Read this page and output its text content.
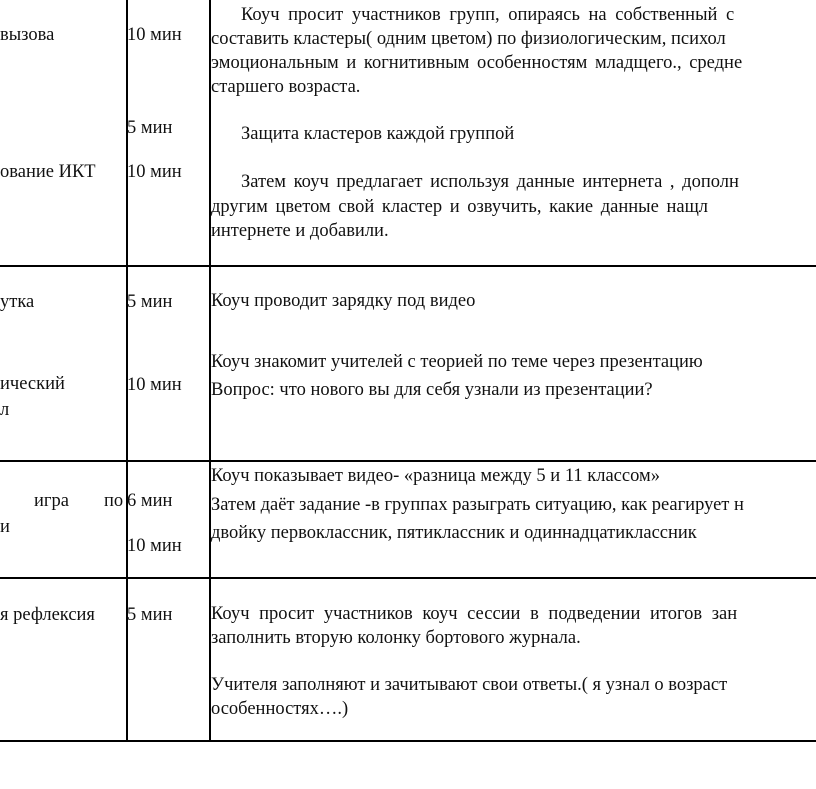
вызова
ование ИКТ
10 мин
5 мин
10 мин
Коуч просит участников групп, опираясь на собственный с
составить кластеры( одним цветом) по физиологическим, психол
эмоциональным и когнитивным особенностям младщего., средне
старшего возраста.
Защита кластеров каждой группой
Затем коуч предлагает используя данные интернета , дополн
другим цветом свой кластер и озвучить, какие данные нащл
интернете и добавили.
утка	5 мин Коуч проводит зарядку под видео
ический
л
10 мин
Коуч знакомит учителей с теорией по теме через презентацию
Вопрос: что нового вы для себя узнали из презентации?
игра по
и
6 мин
10 мин
Коуч показывает видео- «разница между 5 и 11 классом»
Затем даёт задание -в группах разыграть ситуацию, как реагирует н
двойку первоклассник, пятиклассник и одиннадцатиклассник
я рефлексия 5 мин Коуч просит участников коуч сессии в подведении итогов зан
заполнить вторую колонку бортового журнала.
Учителя заполняют и зачитывают свои ответы.( я узнал о возраст
особенностях….)
